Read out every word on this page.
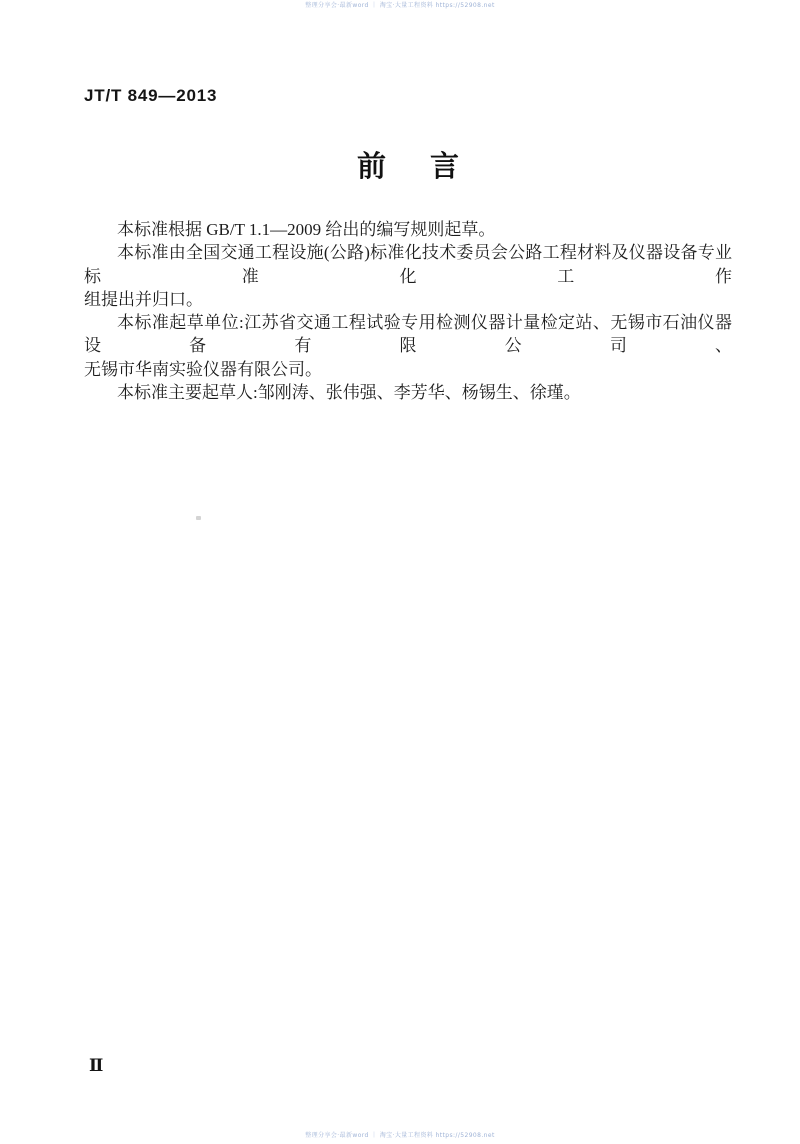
整理分享会·最新word ｜ 淘宝·大量工程资料 https://52908.net
JT/T 849—2013
前言
本标准根据 GB/T 1.1—2009 给出的编写规则起草。
本标准由全国交通工程设施(公路)标准化技术委员会公路工程材料及仪器设备专业标准化工作
组提出并归口。
本标准起草单位:江苏省交通工程试验专用检测仪器计量检定站、无锡市石油仪器设备有限公司、
无锡市华南实验仪器有限公司。
本标准主要起草人:邹刚涛、张伟强、李芳华、杨锡生、徐瑾。
Ⅱ
整理分享会·最新word ｜ 淘宝·大量工程资料 https://52908.net
